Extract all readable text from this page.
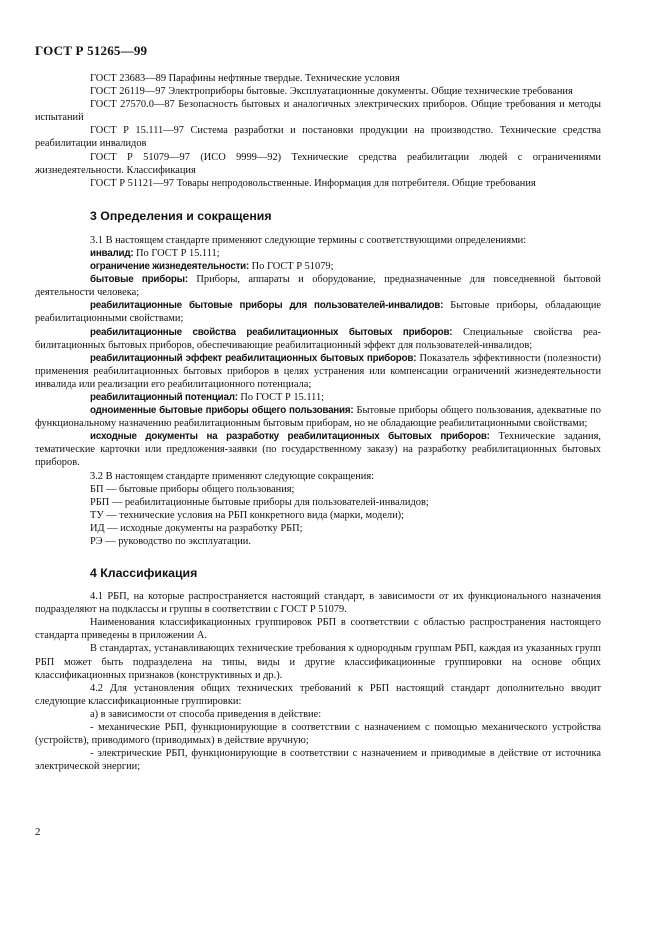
ГОСТ Р 51265—99

ГОСТ 23683—89 Парафины нефтяные твердые. Технические условия

ГОСТ 26119—97 Электроприборы бытовые. Эксплуатационные документы. Общие технические требования

ГОСТ 27570.0—87 Безопасность бытовых и аналогичных электрических приборов. Общие требования и методы испытаний

ГОСТ Р 15.111—97 Система разработки и постановки продукции на производство. Технические средства реабилитации инвалидов

ГОСТ Р 51079—97 (ИСО 9999—92) Технические средства реабилитации людей с ограничениями жизнедеятельности. Классификация

ГОСТ Р 51121—97 Товары непродовольственные. Информация для потребителя. Общие требования

3 Определения и сокращения

3.1 В настоящем стандарте применяют следующие термины с соответствующими определениями:

инвалид: По ГОСТ Р 15.111;

ограничение жизнедеятельности: По ГОСТ Р 51079;

бытовые приборы: Приборы, аппараты и оборудование, предназначенные для повседневной бытовой деятельности человека;

реабилитационные бытовые приборы для пользователей-инвалидов: Бытовые приборы, обладающие реабилитационными свойствами;

реабилитационные свойства реабилитационных бытовых приборов: Специальные свойства реабилитационных бытовых приборов, обеспечивающие реабилитационный эффект для пользователей-инвалидов;

реабилитационный эффект реабилитационных бытовых приборов: Показатель эффективности (полезности) применения реабилитационных бытовых приборов в целях устранения или компенсации ограничений жизнедеятельности инвалида или реализации его реабилитационного потенциала;

реабилитационный потенциал: По ГОСТ Р 15.111;

одноименные бытовые приборы общего пользования: Бытовые приборы общего пользования, адекватные по функциональному назначению реабилитационным бытовым приборам, но не обладающие реабилитационными свойствами;

исходные документы на разработку реабилитационных бытовых приборов: Технические задания, тематические карточки или предложения-заявки (по государственному заказу) на разработку реабилитационных бытовых приборов.

3.2 В настоящем стандарте применяют следующие сокращения:

БП — бытовые приборы общего пользования;

РБП — реабилитационные бытовые приборы для пользователей-инвалидов;

ТУ — технические условия на РБП конкретного вида (марки, модели);

ИД — исходные документы на разработку РБП;

РЭ — руководство по эксплуатации.

4 Классификация

4.1 РБП, на которые распространяется настоящий стандарт, в зависимости от их функционального назначения подразделяют на подклассы и группы в соответствии с ГОСТ Р 51079.

Наименования классификационных группировок РБП в соответствии с областью распространения настоящего стандарта приведены в приложении А.

В стандартах, устанавливающих технические требования к однородным группам РБП, каждая из указанных групп РБП может быть подразделена на типы, виды и другие классификационные группировки на основе общих классификационных признаков (конструктивных и др.).

4.2 Для установления общих технических требований к РБП настоящий стандарт дополнительно вводит следующие классификационные группировки:

а) в зависимости от способа приведения в действие:

- механические РБП, функционирующие в соответствии с назначением с помощью механического устройства (устройств), приводимого (приводимых) в действие вручную;

- электрические РБП, функционирующие в соответствии с назначением и приводимые в действие от источника электрической энергии;

2
